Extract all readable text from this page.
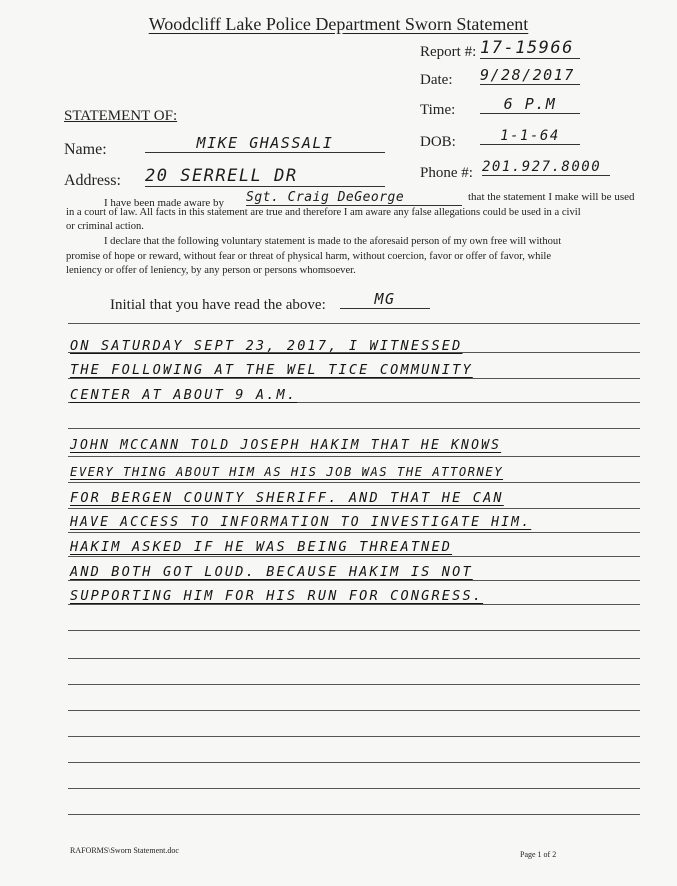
Woodcliff Lake Police Department Sworn Statement
Report #: 17-15966
Date: 9/28/2017
Time:	6 P.M
STATEMENT OF:
Name:	MIKE GHASSALI	DOB:	1-1-64
Address: 20 SERRELL DR	Phone #: 201.927.8000
I have been made aware by Sgt. Craig DeGeorge	that the statement I make will be used
in a court of law. All facts in this statement are true and therefore I am aware any false allegations could be used in a civil
or criminal action.
I declare that the following voluntary statement is made to the aforesaid person of my own free will without
promise of hope or reward, without fear or threat of physical harm, without coercion, favor or offer of favor, while
leniency or offer of leniency, by any person or persons whomsoever.
Initial that you have read the above:	MG
ON SATURDAY SEPT 23, 2017, I WITNESSED
THE FOLLOWING AT THE WEL TICE COMMUNITY
CENTER AT ABOUT 9 A.M.
JOHN MCCANN TOLD JOSEPH HAKIM THAT HE KNOWS
EVERY THING ABOUT HIM AS HIS JOB WAS THE ATTORNEY
FOR BERGEN COUNTY SHERIFF. AND THAT HE CAN
HAVE ACCESS TO INFORMATION TO INVESTIGATE HIM.
HAKIM ASKED IF HE WAS BEING THREATNED
AND BOTH GOT LOUD. BECAUSE HAKIM IS NOT
SUPPORTING HIM FOR HIS RUN FOR CONGRESS.
RAFORMS\Sworn Statement.doc	Page 1 of 2
